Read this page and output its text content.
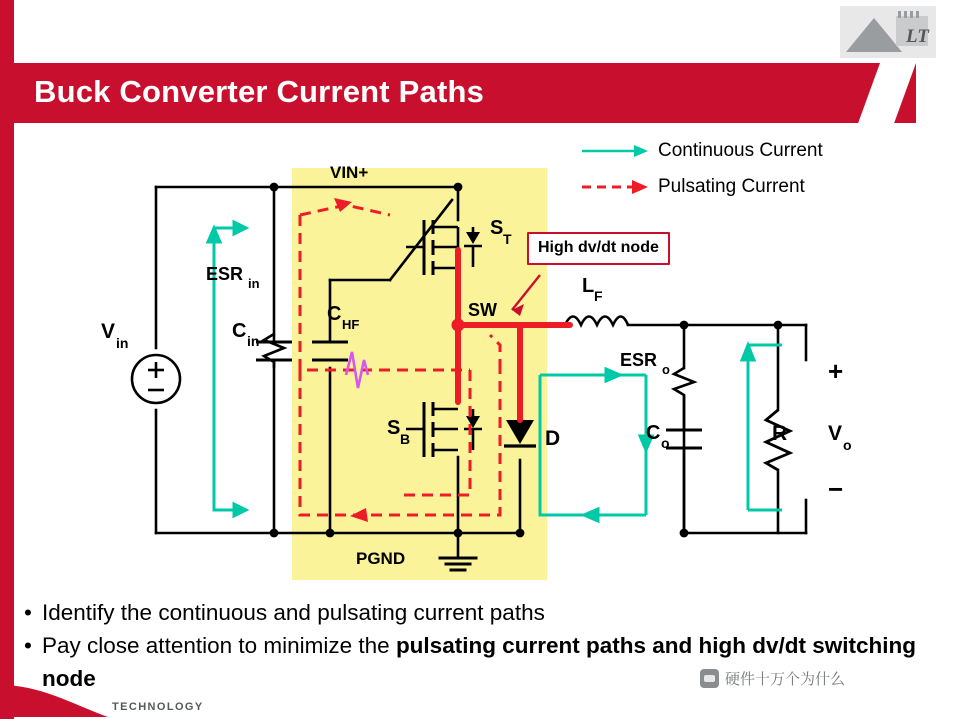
LT
Buck Converter Current Paths
Continuous Current
Pulsating Current
VIN+
PGND
V in
ESR in
C in
C HF
S T
S B	D
SW
L F
ESR o
C o	R
+
−
V o
High dv/dt node
• Identify the continuous and pulsating current paths
• Pay close attention to minimize the pulsating current paths and high dv/dt switching node	硬件十万个为什么
TECHNOLOGY
